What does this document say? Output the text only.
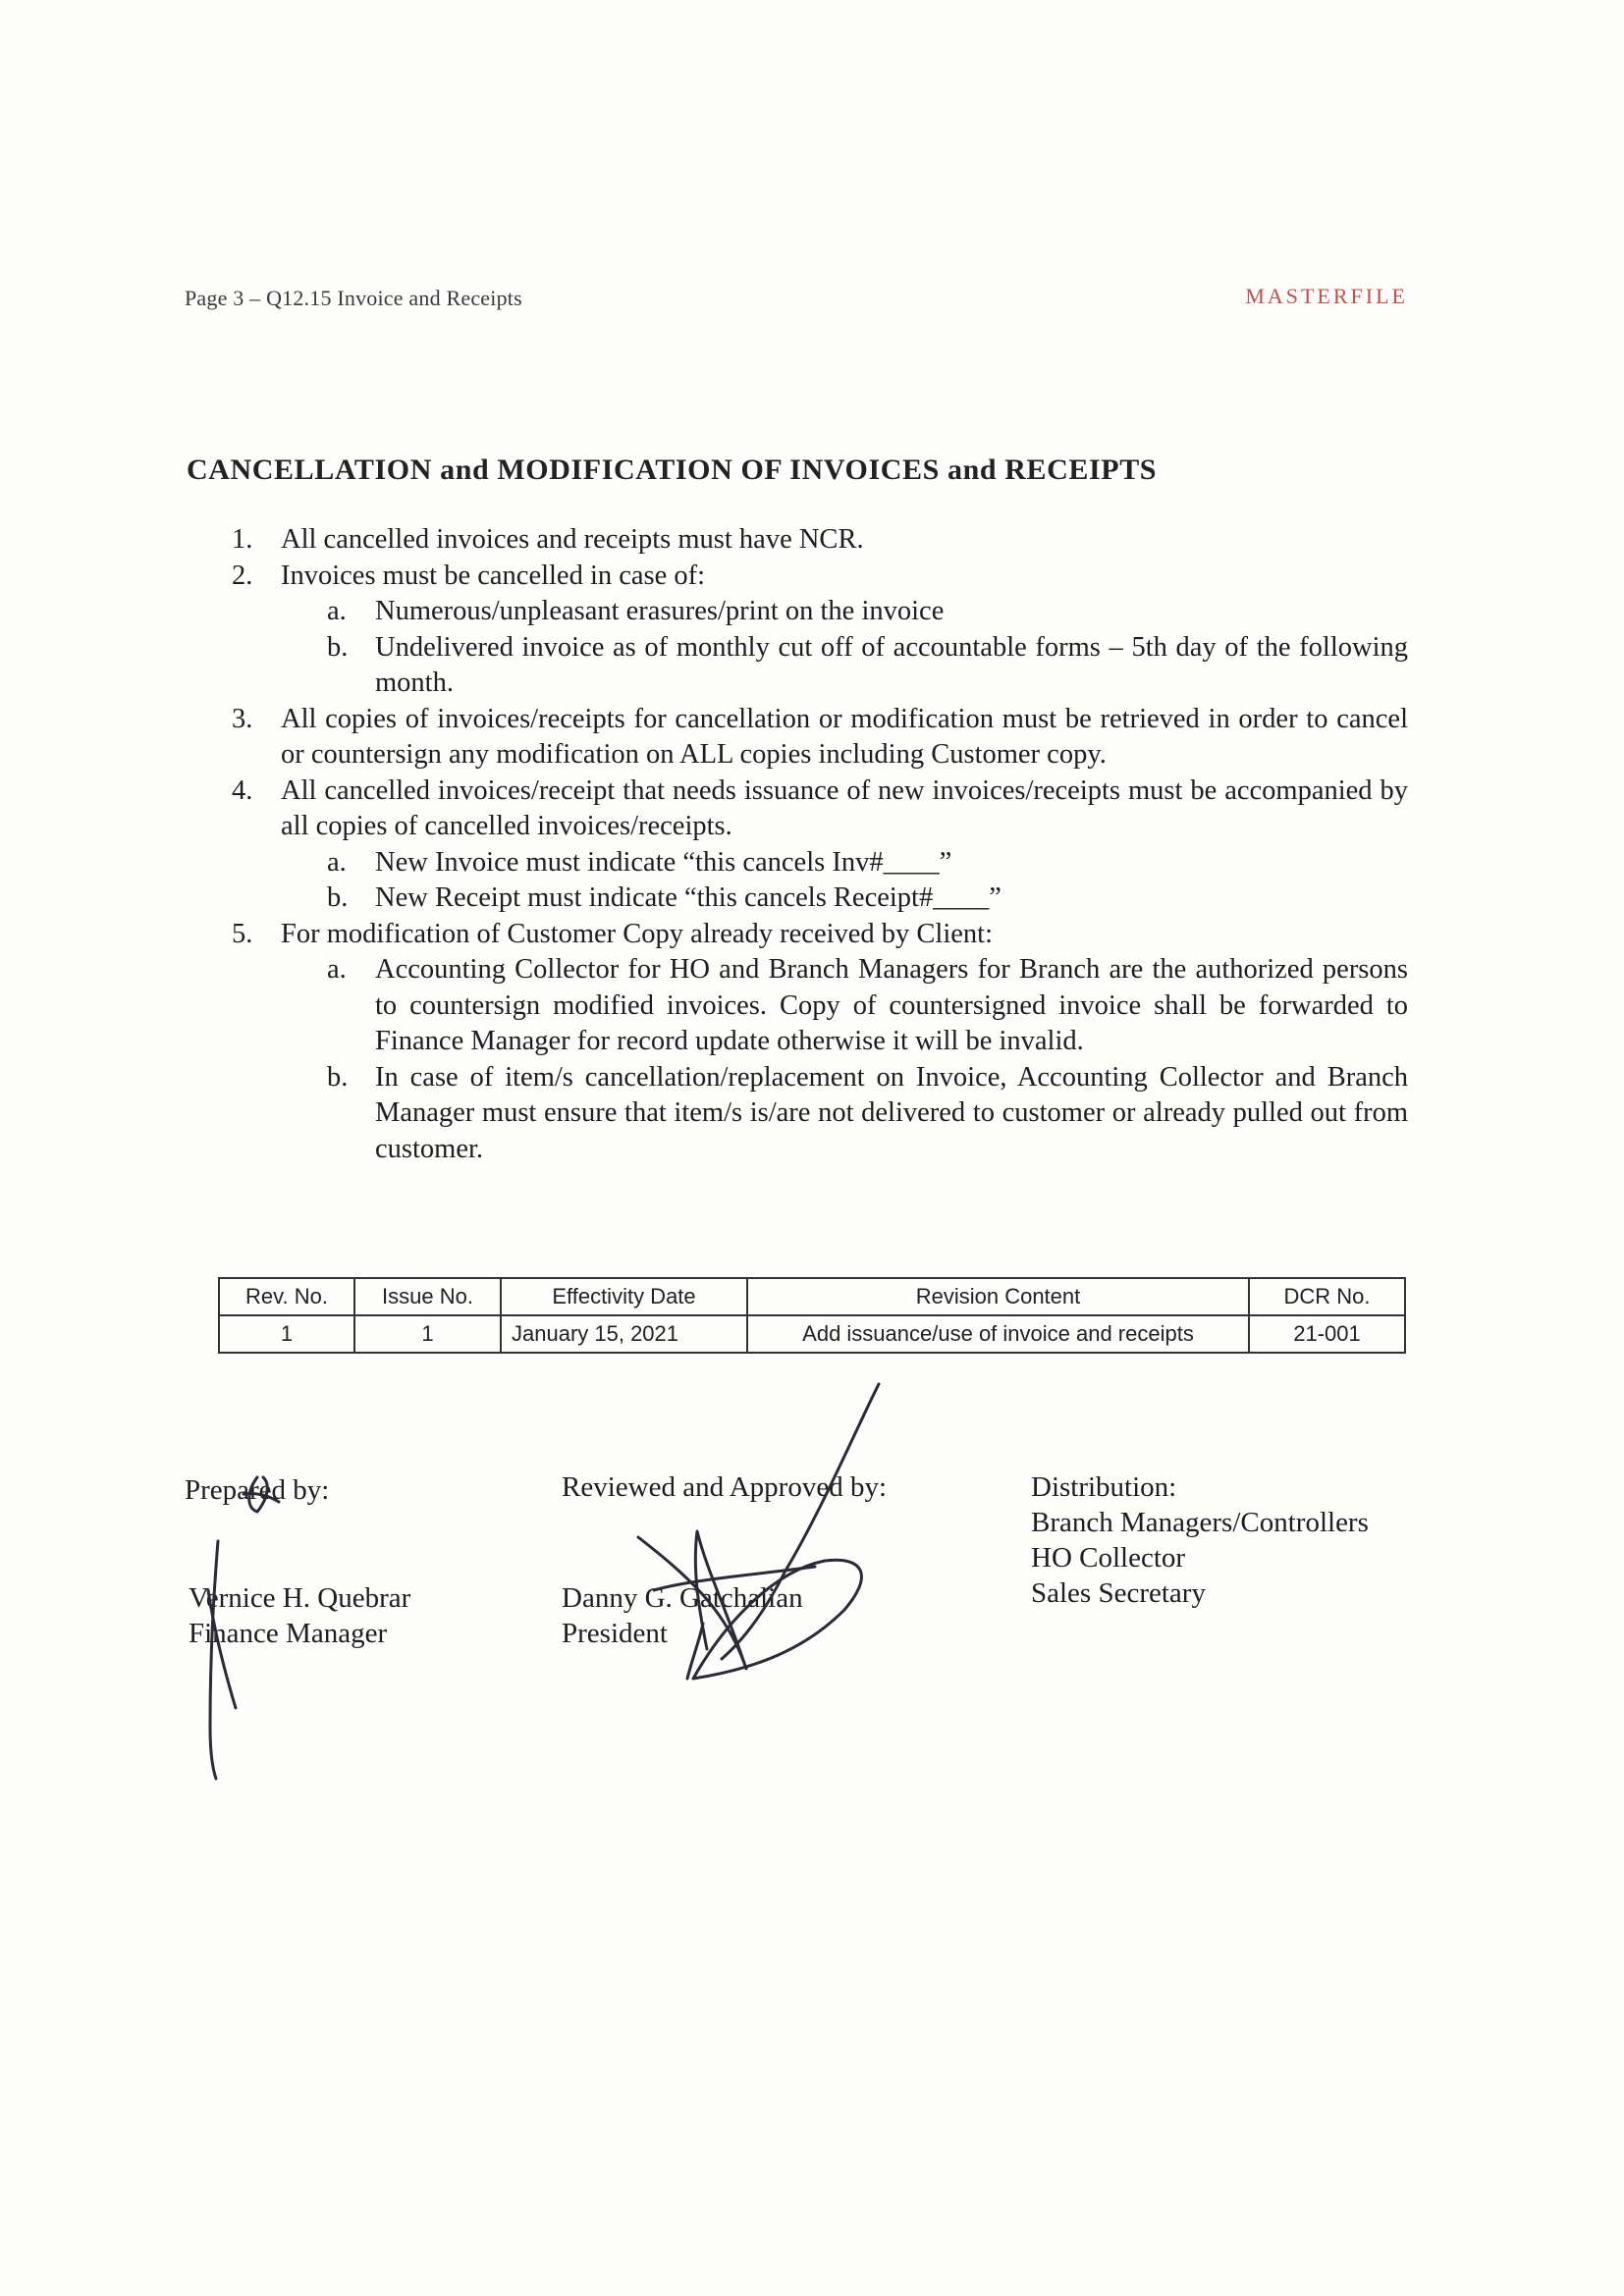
Page 3 – Q12.15 Invoice and Receipts	MASTERFILE
CANCELLATION and MODIFICATION OF INVOICES and RECEIPTS
1. All cancelled invoices and receipts must have NCR.
2. Invoices must be cancelled in case of:
a. Numerous/unpleasant erasures/print on the invoice
b. Undelivered invoice as of monthly cut off of accountable forms – 5th day of the following month.
3. All copies of invoices/receipts for cancellation or modification must be retrieved in order to cancel or countersign any modification on ALL copies including Customer copy.
4. All cancelled invoices/receipt that needs issuance of new invoices/receipts must be accompanied by all copies of cancelled invoices/receipts.
a. New Invoice must indicate “this cancels Inv#____”
b. New Receipt must indicate “this cancels Receipt#____”
5. For modification of Customer Copy already received by Client:
a. Accounting Collector for HO and Branch Managers for Branch are the authorized persons to countersign modified invoices. Copy of countersigned invoice shall be forwarded to Finance Manager for record update otherwise it will be invalid.
b. In case of item/s cancellation/replacement on Invoice, Accounting Collector and Branch Manager must ensure that item/s is/are not delivered to customer or already pulled out from customer.
Rev. No.	Issue No.	Effectivity Date	Revision Content	DCR No.
1	1	January 15, 2021	Add issuance/use of invoice and receipts	21-001
Prepared by:
Vernice H. Quebrar
Finance Manager
Reviewed and Approved by:
Danny G. Gatchalian
President
Distribution:
Branch Managers/Controllers
HO Collector
Sales Secretary
